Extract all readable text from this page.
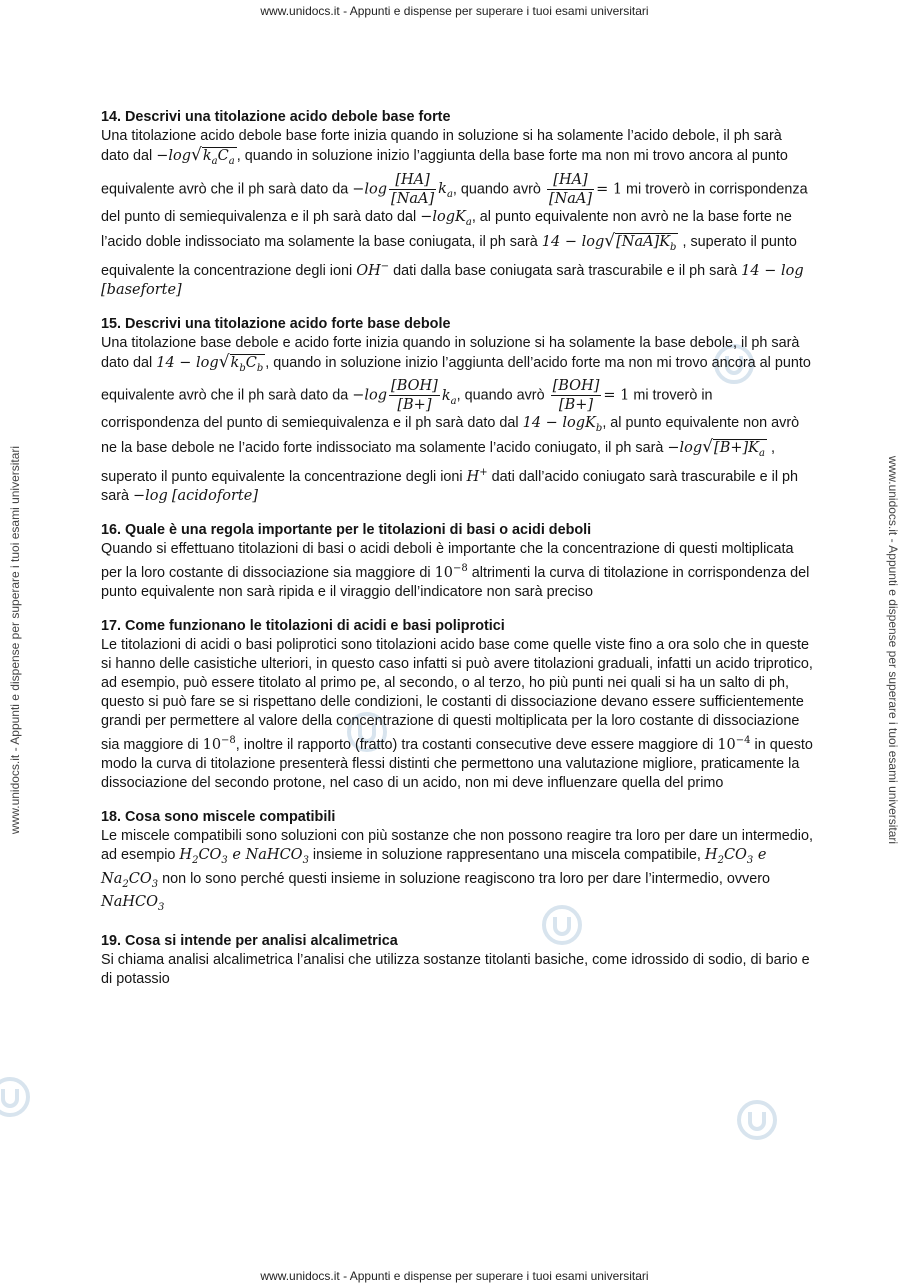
www.unidocs.it - Appunti e dispense per superare i tuoi esami universitari
www.unidocs.it - Appunti e dispense per superare i tuoi esami universitari
www.unidocs.it - Appunti e dispense per superare i tuoi esami universitari	www.unidocs.it - Appunti e dispense per superare i tuoi esami universitari

14. Descrivi una titolazione acido debole base forte

Una titolazione acido debole base forte inizia quando in soluzione si ha solamente l’acido debole, il ph sarà dato dal $-\log√k_aC_a$ , quando in soluzione inizio l’aggiunta della base forte ma non mi trovo ancora al punto equivalente avrò che il ph sarà dato da $-\log \frac{[HA]}{\text{[NaA]}} k_a$, quando avrò $\frac{[HA]}{\text{[NaA]}} = 1$ mi troverò in corrispondenza del punto di semiequivalenza e il ph sarà dato dal −logK$_a$, al punto equivalente non avrò ne la base forte ne l’acido doble indissociato ma solamente la base coniugata, il ph sarà $14 - \log√[NaA]K_b$ , superato il punto equivalente la concentrazione degli ioni OH− dati dalla base coniugata sarà trascurabile e il ph sarà 14 − log [baseforte]

15. Descrivi una titolazione acido forte base debole

Una titolazione base debole e acido forte inizia quando in soluzione si ha solamente la base debole, il ph sarà dato dal $14 - \log√k_bC_b$ , quando in soluzione inizio l’aggiunta dell’acido forte ma non mi trovo ancora al punto equivalente avrò che il ph sarà dato da $-\log \frac{\text{[BOH]}}{[B+]} k_a$, quando avrò $\frac{\text{[BOH]}}{[B+]} = 1$ mi troverò in corrispondenza del punto di semiequivalenza e il ph sarà dato dal 14 − logK$_b$, al punto equivalente non avrò ne la base debole ne l’acido forte indissociato ma solamente l’acido coniugato, il ph sarà $-\log√[B+]K_a$ , superato il punto equivalente la concentrazione degli ioni H+ dati dall’acido coniugato sarà trascurabile e il ph sarà −log [acidoforte]

16. Quale è una regola importante per le titolazioni di basi o acidi deboli

Quando si effettuano titolazioni di basi o acidi deboli è importante che la concentrazione di questi moltiplicata per la loro costante di dissociazione sia maggiore di $10^{-8}$ altrimenti la curva di titolazione in corrispondenza del punto equivalente non sarà ripida e il viraggio dell’indicatore non sarà preciso

17. Come funzionano le titolazioni di acidi e basi poliprotici

Le titolazioni di acidi o basi poliprotici sono titolazioni acido base come quelle viste fino a ora solo che in queste si hanno delle casistiche ulteriori, in questo caso infatti si può avere titolazioni graduali, infatti un acido triprotico, ad esempio, può essere titolato al primo pe, al secondo, o al terzo, ho più punti nei quali si ha un salto di ph, questo si può fare se si rispettano delle condizioni, le costanti di dissociazione devano essere sufficientemente grandi per permettere al valore della concentrazione di questi moltiplicata per la loro costante di dissociazione sia maggiore di $10^{-8}$, inoltre il rapporto (fratto) tra costanti consecutive deve essere maggiore di $10^{-4}$ in questo modo la curva di titolazione presenterà flessi distinti che permettono una valutazione migliore, praticamente la dissociazione del secondo protone, nel caso di un acido, non mi deve influenzare quella del primo

18. Cosa sono miscele compatibili

Le miscele compatibili sono soluzioni con più sostanze che non possono reagire tra loro per dare un intermedio, ad esempio $H_2CO_3$ e NaHCO$_3$ insieme in soluzione rappresentano una miscela compatibile, $H_2CO_3$ e $Na_2CO_3$ non lo sono perché questi insieme in soluzione reagiscono tra loro per dare l’intermedio, ovvero NaHCO$_3$

19. Cosa si intende per analisi alcalimetrica

Si chiama analisi alcalimetrica l’analisi che utilizza sostanze titolanti basiche, come idrossido di sodio, di bario e di potassio
